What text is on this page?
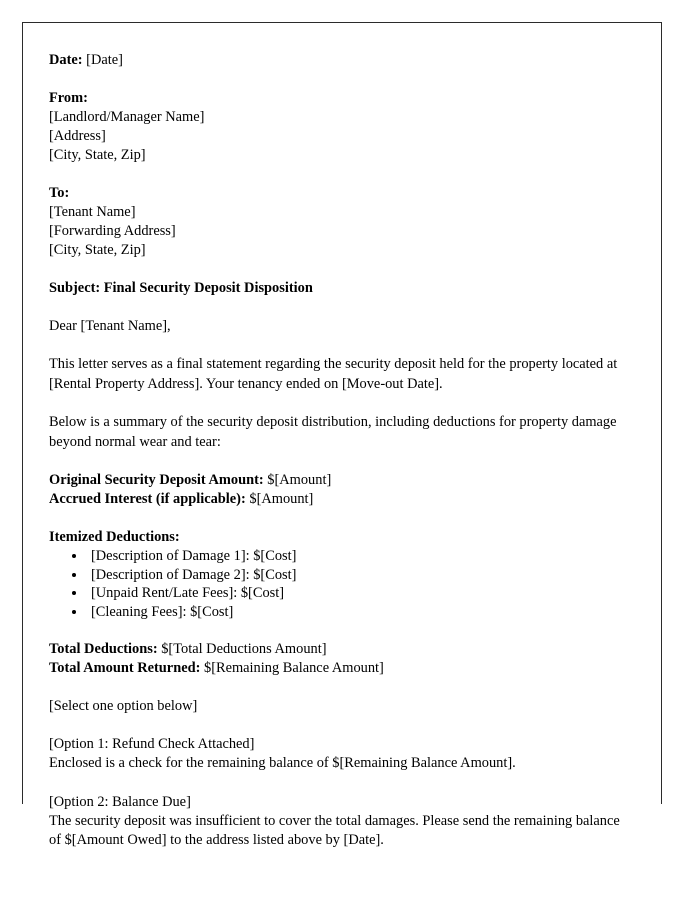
Date: [Date]
From:
[Landlord/Manager Name]
[Address]
[City, State, Zip]
To:
[Tenant Name]
[Forwarding Address]
[City, State, Zip]
Subject: Final Security Deposit Disposition
Dear [Tenant Name],
This letter serves as a final statement regarding the security deposit held for the property located at [Rental Property Address]. Your tenancy ended on [Move-out Date].
Below is a summary of the security deposit distribution, including deductions for property damage beyond normal wear and tear:
Original Security Deposit Amount: $[Amount]
Accrued Interest (if applicable): $[Amount]
Itemized Deductions:
• [Description of Damage 1]: $[Cost]
• [Description of Damage 2]: $[Cost]
• [Unpaid Rent/Late Fees]: $[Cost]
• [Cleaning Fees]: $[Cost]
Total Deductions: $[Total Deductions Amount]
Total Amount Returned: $[Remaining Balance Amount]
[Select one option below]
[Option 1: Refund Check Attached]
Enclosed is a check for the remaining balance of $[Remaining Balance Amount].
[Option 2: Balance Due]
The security deposit was insufficient to cover the total damages. Please send the remaining balance of $[Amount Owed] to the address listed above by [Date].
